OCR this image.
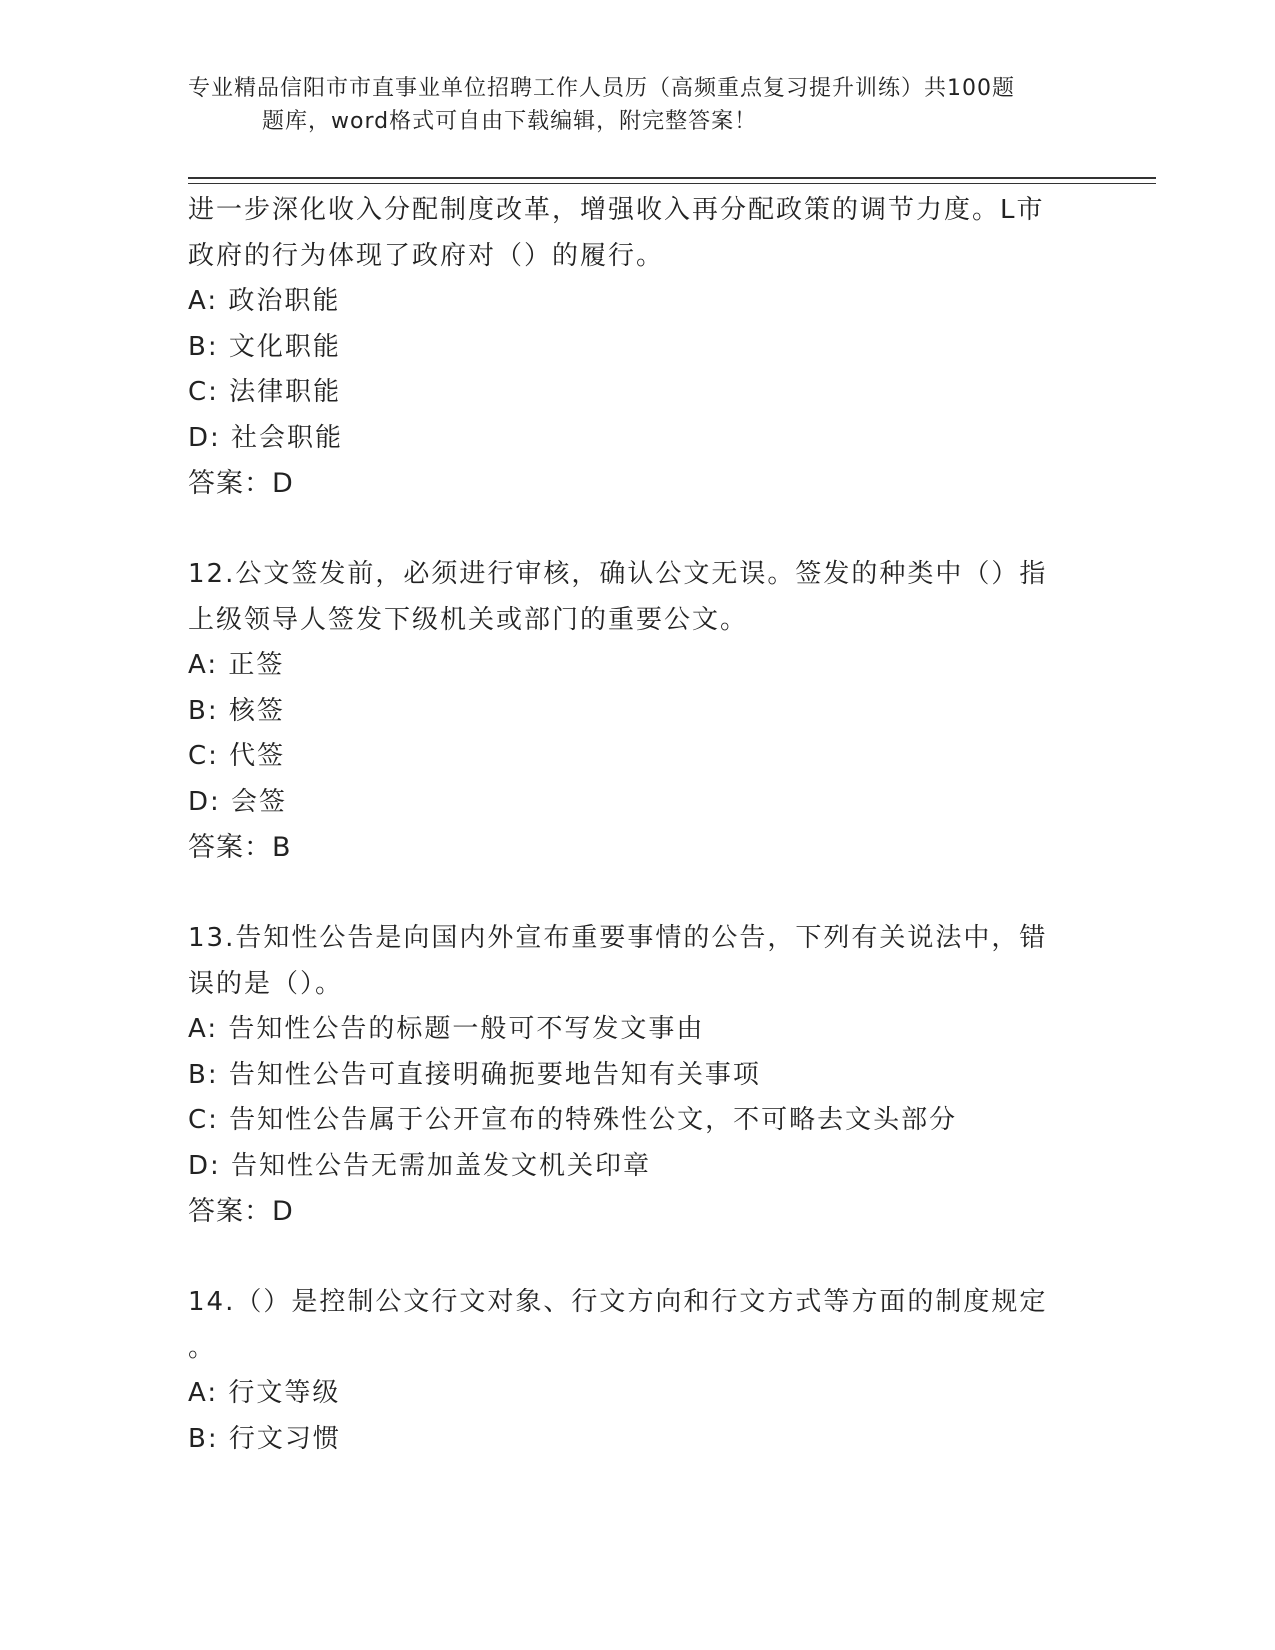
专业精品信阳市市直事业单位招聘工作人员历（高频重点复习提升训练）共100题
题库，word格式可自由下载编辑，附完整答案！
进一步深化收入分配制度改革，增强收入再分配政策的调节力度。L市
政府的行为体现了政府对（）的履行。
A: 政治职能
B: 文化职能
C: 法律职能
D: 社会职能
答案：D
12.公文签发前，必须进行审核，确认公文无误。签发的种类中（）指
上级领导人签发下级机关或部门的重要公文。
A: 正签
B: 核签
C: 代签
D: 会签
答案：B
13.告知性公告是向国内外宣布重要事情的公告，下列有关说法中，错
误的是（）。
A: 告知性公告的标题一般可不写发文事由
B: 告知性公告可直接明确扼要地告知有关事项
C: 告知性公告属于公开宣布的特殊性公文，不可略去文头部分
D: 告知性公告无需加盖发文机关印章
答案：D
14.（）是控制公文行文对象、行文方向和行文方式等方面的制度规定
。
A: 行文等级
B: 行文习惯
